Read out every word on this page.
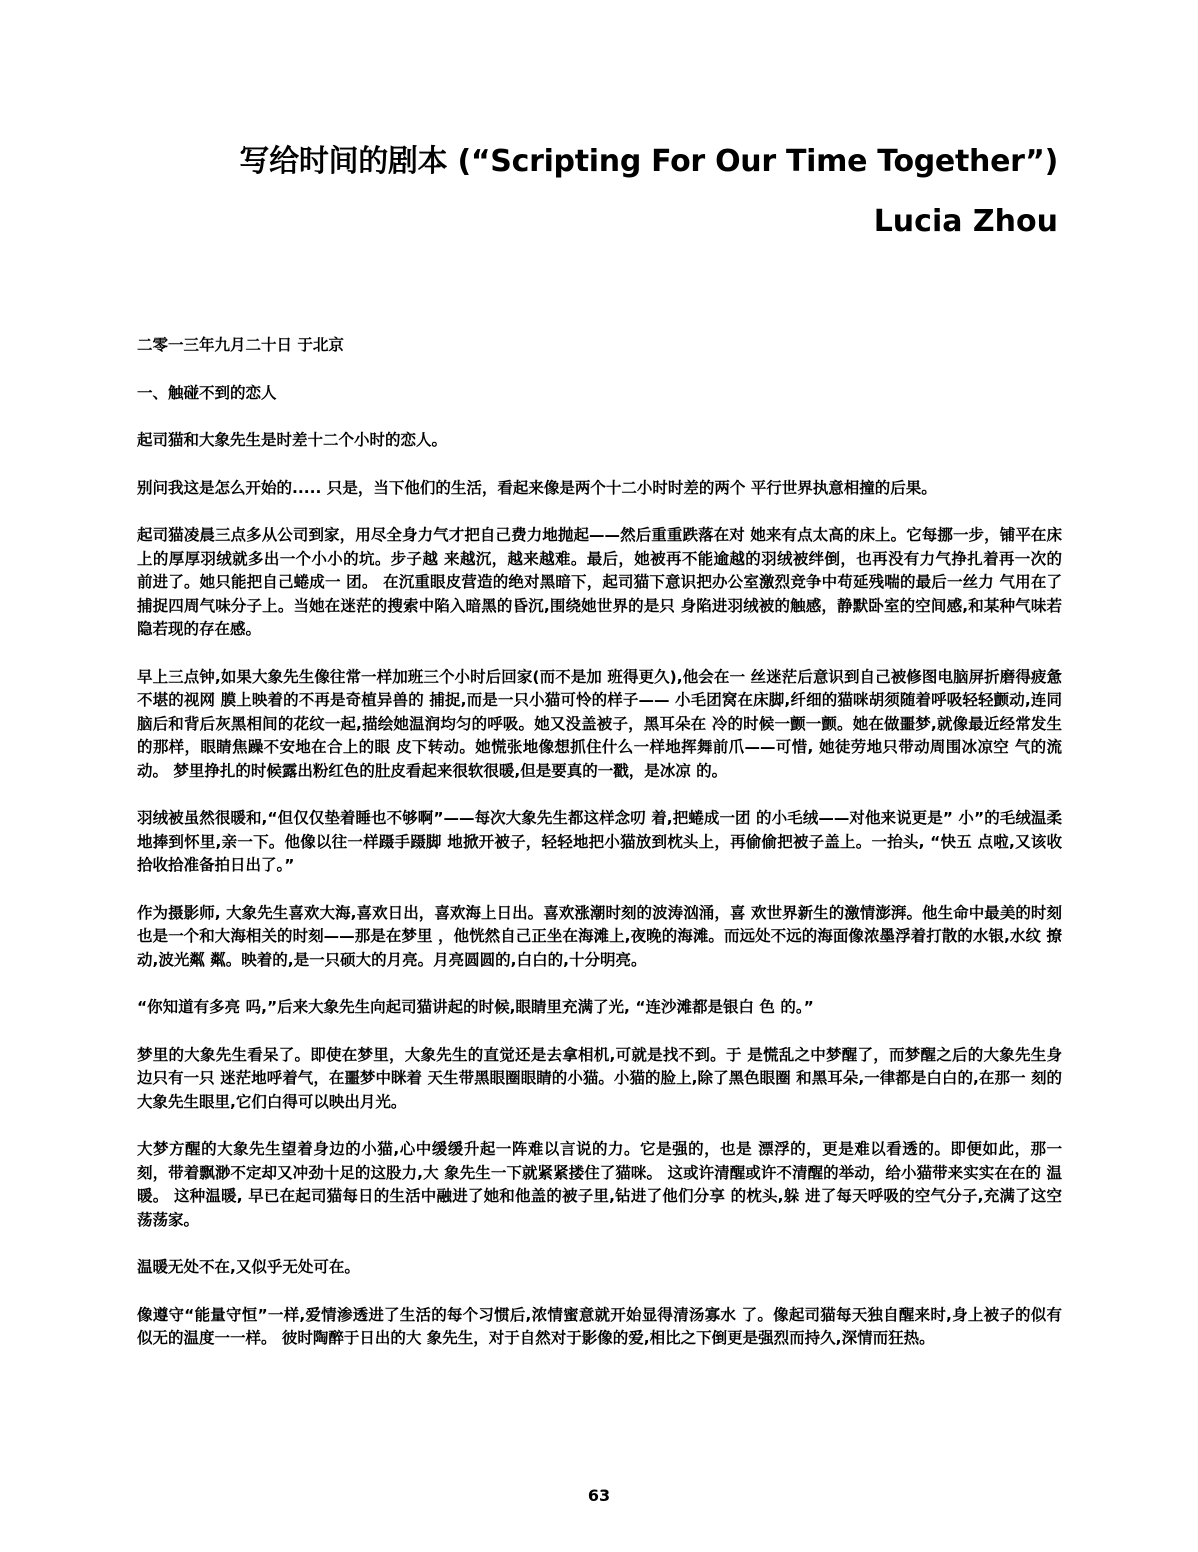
写给时间的剧本 (“Scripting For Our Time Together”)
Lucia Zhou

二零一三年九月二十日 于北京

一、触碰不到的恋人

起司猫和大象先生是时差十二个小时的恋人。

别问我这是怎么开始的..... 只是，当下他们的生活，看起来像是两个十二小时时差的两个 平行世界执意相撞的后果。

起司猫凌晨三点多从公司到家，用尽全身力气才把自己费力地抛起——然后重重跌落在对 她来有点太高的床上。它每挪一步，铺平在床上的厚厚羽绒就多出一个小小的坑。步子越 来越沉，越来越难。最后，她被再不能逾越的羽绒被绊倒，也再没有力气挣扎着再一次的 前进了。她只能把自己蜷成一 团。 在沉重眼皮营造的绝对黑暗下，起司猫下意识把办公室激烈竞争中苟延残喘的最后一丝力 气用在了捕捉四周气味分子上。当她在迷茫的搜索中陷入暗黑的昏沉,围绕她世界的是只 身陷进羽绒被的触感，静默卧室的空间感,和某种气味若隐若现的存在感。

早上三点钟,如果大象先生像往常一样加班三个小时后回家(而不是加 班得更久),他会在一 丝迷茫后意识到自己被修图电脑屏折磨得疲惫不堪的视网 膜上映着的不再是奇植异兽的 捕捉,而是一只小猫可怜的样子—— 小毛团窝在床脚,纤细的猫咪胡须随着呼吸轻轻颤动,连同脑后和背后灰黑相间的花纹一起,描绘她温润均匀的呼吸。她又没盖被子，黑耳朵在 冷的时候一颤一颤。她在做噩梦,就像最近经常发生的那样，眼睛焦躁不安地在合上的眼 皮下转动。她慌张地像想抓住什么一样地挥舞前爪——可惜, 她徒劳地只带动周围冰凉空 气的流动。 梦里挣扎的时候露出粉红色的肚皮看起来很软很暖,但是要真的一戳，是冰凉 的。

羽绒被虽然很暖和,“但仅仅垫着睡也不够啊”——每次大象先生都这样念叨 着,把蜷成一团 的小毛绒——对他来说更是” 小”的毛绒温柔地捧到怀里,亲一下。他像以往一样蹑手蹑脚 地掀开被子，轻轻地把小猫放到枕头上，再偷偷把被子盖上。一抬头, “快五 点啦,又该收 拾收拾准备拍日出了。”

作为摄影师, 大象先生喜欢大海,喜欢日出，喜欢海上日出。喜欢涨潮时刻的波涛汹涌，喜 欢世界新生的激情澎湃。他生命中最美的时刻也是一个和大海相关的时刻——那是在梦里 ，他恍然自己正坐在海滩上,夜晚的海滩。而远处不远的海面像浓墨浮着打散的水银,水纹 撩动,波光粼 粼。映着的,是一只硕大的月亮。月亮圆圆的,白白的,十分明亮。

“你知道有多亮 吗,”后来大象先生向起司猫讲起的时候,眼睛里充满了光, “连沙滩都是银白 色 的。”

梦里的大象先生看呆了。即使在梦里，大象先生的直觉还是去拿相机,可就是找不到。于 是慌乱之中梦醒了，而梦醒之后的大象先生身边只有一只 迷茫地呼着气，在噩梦中眯着 天生带黑眼圈眼睛的小猫。小猫的脸上,除了黑色眼圈 和黑耳朵,一律都是白白的,在那一 刻的大象先生眼里,它们白得可以映出月光。

大梦方醒的大象先生望着身边的小猫,心中缓缓升起一阵难以言说的力。它是强的，也是 漂浮的，更是难以看透的。即便如此，那一刻，带着飘渺不定却又冲劲十足的这股力,大 象先生一下就紧紧搂住了猫咪。 这或许清醒或许不清醒的举动，给小猫带来实实在在的 温暖。 这种温暖, 早已在起司猫每日的生活中融进了她和他盖的被子里,钻进了他们分享 的枕头,躲 进了每天呼吸的空气分子,充满了这空荡荡家。

温暖无处不在,又似乎无处可在。

像遵守“能量守恒”一样,爱情渗透进了生活的每个习惯后,浓情蜜意就开始显得清汤寡水 了。像起司猫每天独自醒来时,身上被子的似有似无的温度一一样。 彼时陶醉于日出的大 象先生，对于自然对于影像的爱,相比之下倒更是强烈而持久,深情而狂热。

63
